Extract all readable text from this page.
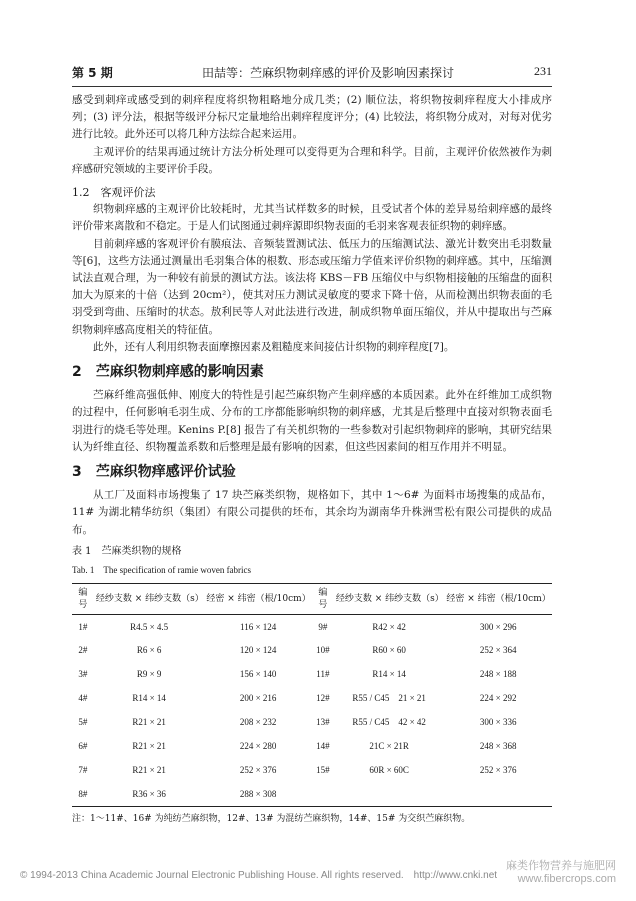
第 5 期	田喆等：苎麻织物刺痒感的评价及影响因素探讨	231

感受到刺痒或感受到的刺痒程度将织物粗略地分成几类；(2) 顺位法，将织物按刺痒程度大小排成序列；(3) 评分法，根据等级评分标尺定量地给出刺痒程度评分；(4) 比较法，将织物分成对，对每对优劣进行比较。此外还可以将几种方法综合起来运用。

主观评价的结果再通过统计方法分析处理可以变得更为合理和科学。目前，主观评价依然被作为刺痒感研究领域的主要评价手段。

1.2　客观评价法

织物刺痒感的主观评价比较耗时，尤其当试样数多的时候，且受试者个体的差异易给刺痒感的最终评价带来离散和不稳定。于是人们试图通过刺痒源即织物表面的毛羽来客观表征织物的刺痒感。

目前刺痒感的客观评价有膜痕法、音频装置测试法、低压力的压缩测试法、激光计数突出毛羽数量等[6]，这些方法通过测量出毛羽集合体的根数、形态或压缩力学值来评价织物的刺痒感。其中，压缩测试法直观合理，为一种较有前景的测试方法。该法将 KBS－FB 压缩仪中与织物相接触的压缩盘的面积加大为原来的十倍（达到 20cm²），使其对压力测试灵敏度的要求下降十倍，从而检测出织物表面的毛羽受到弯曲、压缩时的状态。敖利民等人对此法进行改进，制成织物单面压缩仪，并从中提取出与苎麻织物刺痒感高度相关的特征值。

此外，还有人利用织物表面摩擦因素及粗糙度来间接估计织物的刺痒程度[7]。

2　苎麻织物刺痒感的影响因素

苎麻纤维高强低伸、刚度大的特性是引起苎麻织物产生刺痒感的本质因素。此外在纤维加工成织物的过程中，任何影响毛羽生成、分布的工序都能影响织物的刺痒感，尤其是后整理中直接对织物表面毛羽进行的烧毛等处理。Kenins P.[8] 报告了有关机织物的一些参数对引起织物刺痒的影响，其研究结果认为纤维直径、织物覆盖系数和后整理是最有影响的因素，但这些因素间的相互作用并不明显。

3　苎麻织物痒感评价试验

从工厂及面料市场搜集了 17 块苎麻类织物，规格如下，其中 1～6# 为面料市场搜集的成品布，11# 为湖北精华纺织（集团）有限公司提供的坯布，其余均为湖南华升株洲雪松有限公司提供的成品布。

表 1　苎麻类织物的规格

Tab. 1　The specification of ramie woven fabrics

编号	经纱支数 × 纬纱支数（s）	经密 × 纬密（根/10cm）	编号	经纱支数 × 纬纱支数（s）	经密 × 纬密（根/10cm）
1#	R4.5 × 4.5	116 × 124	9#	R42 × 42	300 × 296
2#	R6 × 6	120 × 124	10#	R60 × 60	252 × 364
3#	R9 × 9	156 × 140	11#	R14 × 14	248 × 188
4#	R14 × 14	200 × 216	12#	R55 / C45　21 × 21	224 × 292
5#	R21 × 21	208 × 232	13#	R55 / C45　42 × 42	300 × 336
6#	R21 × 21	224 × 280	14#	21C × 21R	248 × 368
7#	R21 × 21	252 × 376	15#	60R × 60C	252 × 376
8#	R36 × 36	288 × 308			

注：1～11#、16# 为纯纺苎麻织物，12#、13# 为混纺苎麻织物，14#、15# 为交织苎麻织物。

© 1994-2013 China Academic Journal Electronic Publishing House. All rights reserved.　http://www.cnki.net
麻类作物营养与施肥网
www.fibercrops.com
